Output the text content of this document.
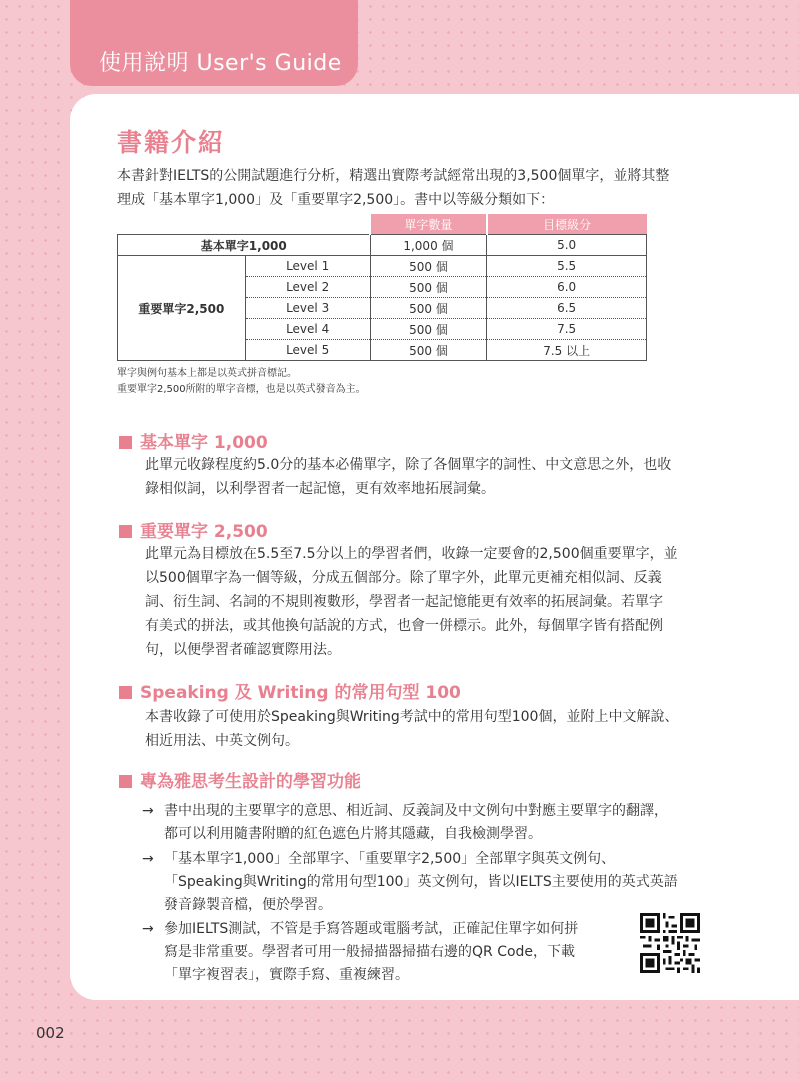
使用說明 User's Guide
書籍介紹

本書針對IELTS的公開試題進行分析，精選出實際考試經常出現的3,500個單字，並將其整

理成「基本單字1,000」及「重要單字2,500」。書中以等級分類如下：

		單字數量	目標級分
基本單字1,000		1,000 個	5.0
重要單字2,500	Level 1	500 個	5.5
	Level 2	500 個	6.0
	Level 3	500 個	6.5
	Level 4	500 個	7.5
	Level 5	500 個	7.5 以上
單字與例句基本上都是以英式拼音標記。
重要單字2,500所附的單字音標，也是以英式發音為主。
基本單字 1,000

此單元收錄程度約5.0分的基本必備單字，除了各個單字的詞性、中文意思之外，也收

錄相似詞，以利學習者一起記憶，更有效率地拓展詞彙。

重要單字 2,500

此單元為目標放在5.5至7.5分以上的學習者們，收錄一定要會的2,500個重要單字，並

以500個單字為一個等級，分成五個部分。除了單字外，此單元更補充相似詞、反義

詞、衍生詞、名詞的不規則複數形，學習者一起記憶能更有效率的拓展詞彙。若單字

有美式的拼法，或其他換句話說的方式，也會一併標示。此外，每個單字皆有搭配例

句，以便學習者確認實際用法。

Speaking 及 Writing 的常用句型 100

本書收錄了可使用於Speaking與Writing考試中的常用句型100個，並附上中文解說、

相近用法、中英文例句。

專為雅思考生設計的學習功能
→ 書中出現的主要單字的意思、相近詞、反義詞及中文例句中對應主要單字的翻譯，
都可以利用隨書附贈的紅色遮色片將其隱藏，自我檢測學習。
→ 「基本單字1,000」全部單字、「重要單字2,500」全部單字與英文例句、
「Speaking與Writing的常用句型100」英文例句，皆以IELTS主要使用的英式英語
發音錄製音檔，便於學習。
→ 參加IELTS測試，不管是手寫答題或電腦考試，正確記住單字如何拼
寫是非常重要。學習者可用一般掃描器掃描右邊的QR Code，下載
「單字複習表」，實際手寫、重複練習。
002
